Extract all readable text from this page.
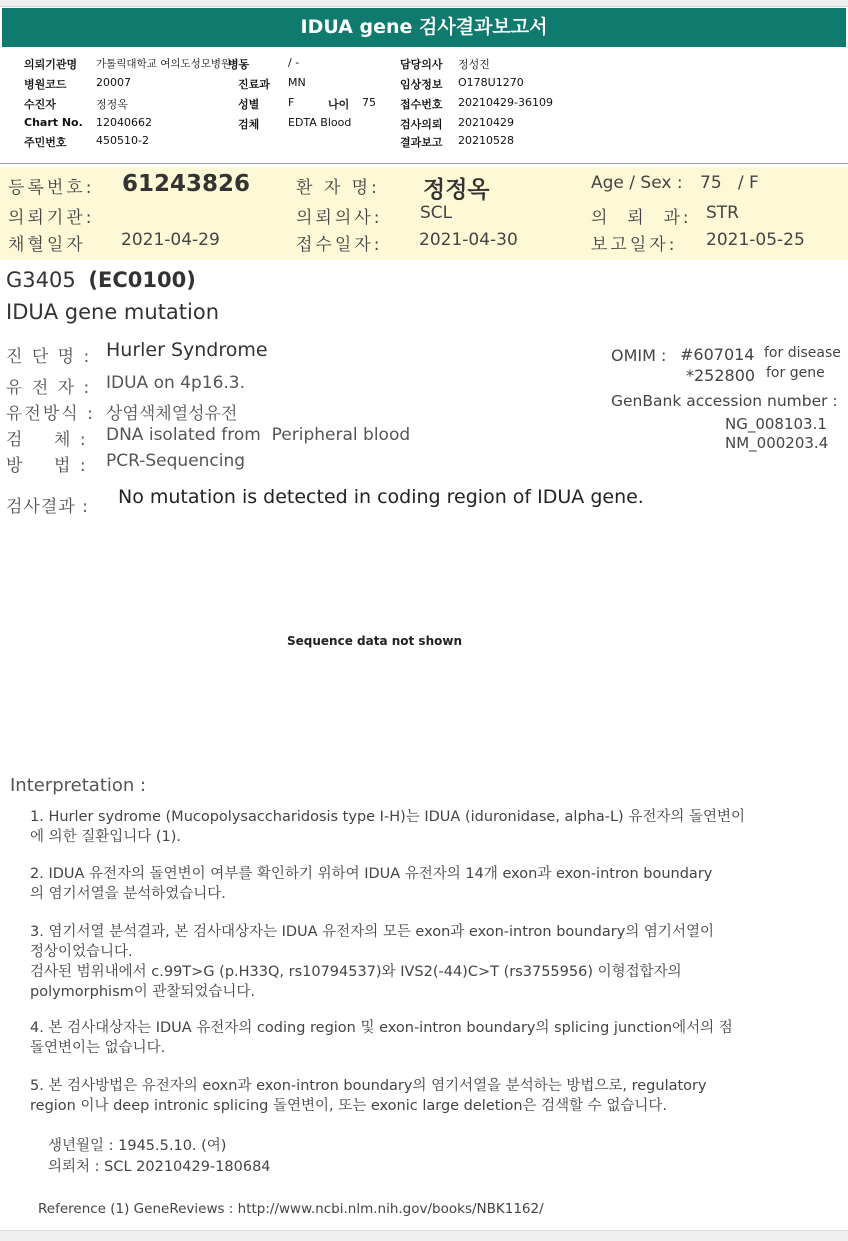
IDUA gene 검사결과보고서
의뢰기관명 가톨릭대학교 여의도성모병원
병동	/ -	담당의사 정성진
병원코드	20007	진료과 MN	임상정보 O178U1270
수진자	정정옥	성별	F	나이 75 접수번호 20210429-36109
Chart No. 12040662	검체	EDTA Blood	검사의뢰 20210429
주민번호	450510-2	결과보고 20210528
등록번호: 61243826	환 자 명: 정정옥	Age / Sex : 75   / F
의뢰기관:	의뢰의사: SCL	의  뢰  과: STR
채혈일자 2021-04-29	접수일자: 2021-04-30	보고일자: 2021-05-25
G3405 (EC0100)
IDUA gene mutation
진 단 명 : Hurler Syndrome
유 전 자 : IDUA on 4p16.3.
유전방식 : 상염색체열성유전
검    체 : DNA isolated from  Peripheral blood
방    법 : PCR-Sequencing
OMIM : #607014 for disease
*252800 for gene
GenBank accession number :
NG_008103.1
NM_000203.4
검사결과 : No mutation is detected in coding region of IDUA gene.
Sequence data not shown
Interpretation :
1. Hurler sydrome (Mucopolysaccharidosis type I-H)는 IDUA (iduronidase, alpha-L) 유전자의 돌연변이
에 의한 질환입니다 (1).
2. IDUA 유전자의 돌연변이 여부를 확인하기 위하여 IDUA 유전자의 14개 exon과 exon-intron boundary
의 염기서열을 분석하였습니다.
3. 염기서열 분석결과, 본 검사대상자는 IDUA 유전자의 모든 exon과 exon-intron boundary의 염기서열이
정상이었습니다.
검사된 범위내에서 c.99T>G (p.H33Q, rs10794537)와 IVS2(-44)C>T (rs3755956) 이형접합자의
polymorphism이 관찰되었습니다.
4. 본 검사대상자는 IDUA 유전자의 coding region 및 exon-intron boundary의 splicing junction에서의 점
돌연변이는 없습니다.
5. 본 검사방법은 유전자의 eoxn과 exon-intron boundary의 염기서열을 분석하는 방법으로, regulatory
region 이나 deep intronic splicing 돌연변이, 또는 exonic large deletion은 검색할 수 없습니다.
생년월일 : 1945.5.10. (여)
의뢰처 : SCL 20210429-180684
Reference (1) GeneReviews : http://www.ncbi.nlm.nih.gov/books/NBK1162/
